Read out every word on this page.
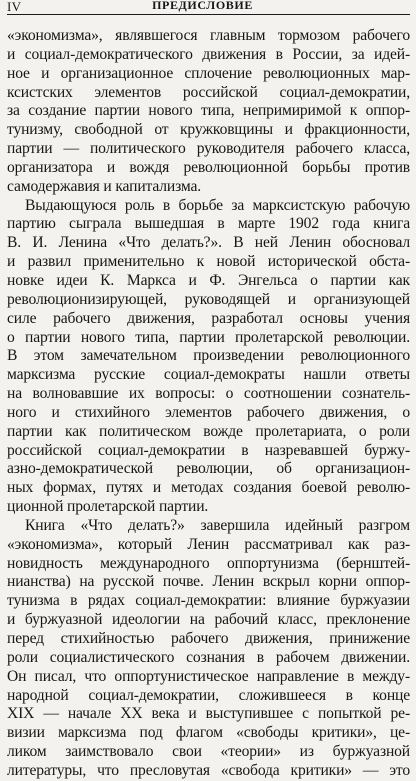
IV	ПРЕДИСЛОВИЕ
«экономизма», являвшегося главным тормозом рабочего
и социал-демократического движения в России, за идей-
ное и организационное сплочение революционных мар-
ксистских элементов российской социал-демократии,
за создание партии нового типа, непримиримой к оппор-
тунизму, свободной от кружковщины и фракционности,
партии — политического руководителя рабочего класса,
организатора и вождя революционной борьбы против
самодержавия и капитализма.
Выдающуюся роль в борьбе за марксистскую рабочую
партию сыграла вышедшая в марте 1902 года книга
В. И. Ленина «Что делать?». В ней Ленин обосновал
и развил применительно к новой исторической обста-
новке идеи К. Маркса и Ф. Энгельса о партии как
революционизирующей, руководящей и организующей
силе рабочего движения, разработал основы учения
о партии нового типа, партии пролетарской революции.
В этом замечательном произведении революционного
марксизма русские социал-демократы нашли ответы
на волновавшие их вопросы: о соотношении сознатель-
ного и стихийного элементов рабочего движения, о
партии как политическом вожде пролетариата, о роли
российской социал-демократии в назревавшей буржу-
азно-демократической революции, об организацион-
ных формах, путях и методах создания боевой револю-
ционной пролетарской партии.
Книга «Что делать?» завершила идейный разгром
«экономизма», который Ленин рассматривал как раз-
новидность международного оппортунизма (бернштей-
нианства) на русской почве. Ленин вскрыл корни оппор-
тунизма в рядах социал-демократии: влияние буржуазии
и буржуазной идеологии на рабочий класс, преклонение
перед стихийностью рабочего движения, принижение
роли социалистического сознания в рабочем движении.
Он писал, что оппортунистическое направление в между-
народной социал-демократии, сложившееся в конце
XIX — начале XX века и выступившее с попыткой ре-
визии марксизма под флагом «свободы критики», це-
ликом заимствовало свои «теории» из буржуазной
литературы, что пресловутая «свобода критики» — это
